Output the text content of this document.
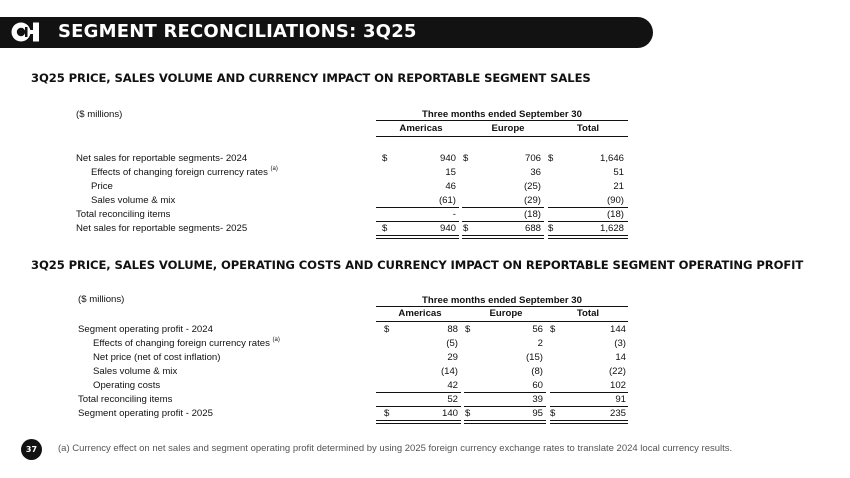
SEGMENT RECONCILIATIONS: 3Q25
3Q25 PRICE, SALES VOLUME AND CURRENCY IMPACT ON REPORTABLE SEGMENT SALES
($ millions)	Three months ended September 30
Americas	Europe	Total
Net sales for reportable segments- 2024	$	940 $	706 $	1,646
Effects of changing foreign currency rates $^{(a)}$	15	36	51
Price	46	(25)	21
Sales volume & mix	(61)	(29)	(90)
Total reconciling items	-	(18)	(18)
Net sales for reportable segments- 2025	$	940 $	688 $	1,628
3Q25 PRICE, SALES VOLUME, OPERATING COSTS AND CURRENCY IMPACT ON REPORTABLE SEGMENT OPERATING PROFIT
($ millions)	Three months ended September 30
Americas	Europe	Total
Segment operating profit - 2024	$	88 $	56 $	144
Effects of changing foreign currency rates $^{(a)}$	(5)	2	(3)
Net price (net of cost inflation)	29	(15)	14
Sales volume & mix	(14)	(8)	(22)
Operating costs	42	60	102
Total reconciling items	52	39	91
Segment operating profit - 2025	$	140 $	95 $	235
37	(a) Currency effect on net sales and segment operating profit determined by using 2025 foreign currency exchange rates to translate 2024 local currency results.
